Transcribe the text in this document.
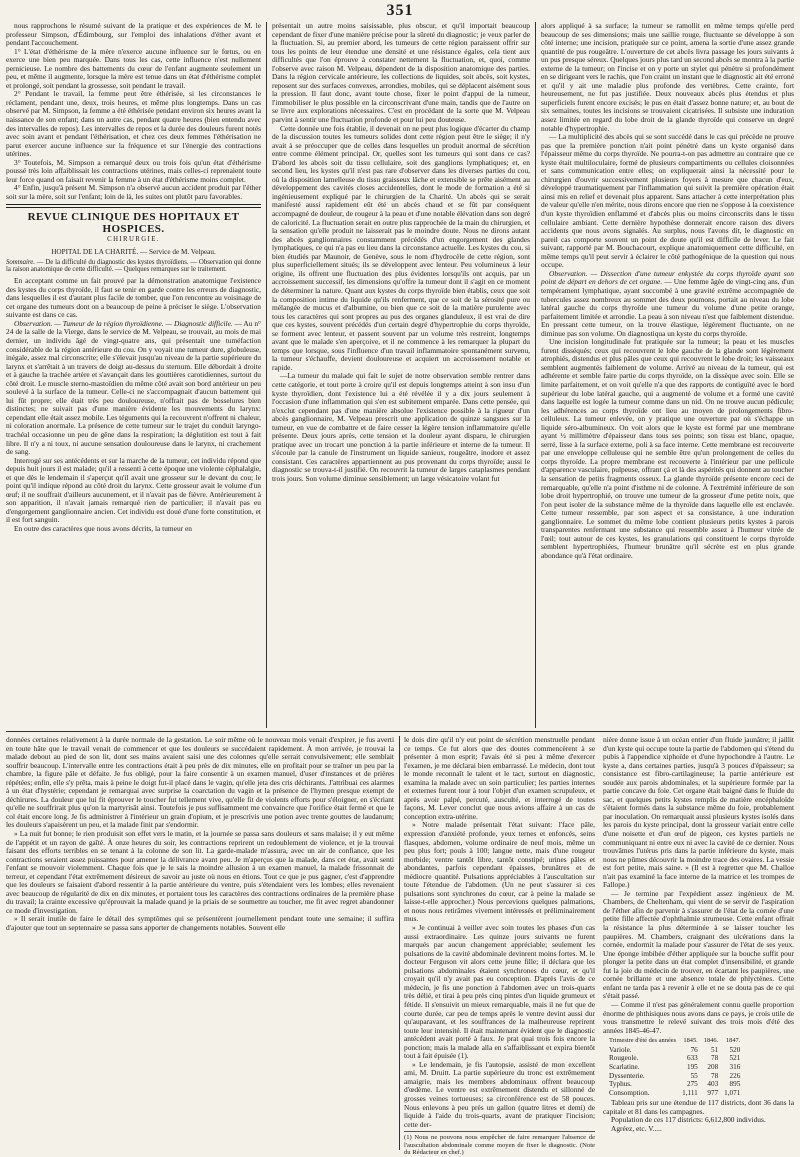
351

nous rapprochons le résumé suivant de la pratique et des expériences de M. le professeur Simpson, d'Édimbourg, sur l'emploi des inhalations d'éther avant et pendant l'accouchement.

1° L'état d'éthérisme de la mère n'exerce aucune influence sur le fœtus, ou en exerce une bien peu marquée. Dans tous les cas, cette influence n'est nullement pernicieuse. Le nombre des battements du cœur de l'enfant augmente seulement un peu, et même il augmente, lorsque la mère est tenue dans un état d'éthérisme complet et prolongé, soit pendant la grossesse, soit pendant le travail.

2° Pendant le travail, la femme peut être éthérisée, si les circonstances le réclament, pendant une, deux, trois heures, et même plus longtemps. Dans un cas observé par M. Simpson, la femme a été éthérisée pendant environ six heures avant la naissance de son enfant; dans un autre cas, pendant quatre heures (bien entendu avec des intervalles de repos). Les intervalles de repos et la durée des douleurs furent notés avec soin avant et pendant l'éthérisation, et chez ces deux femmes l'éthérisation ne parut exercer aucune influence sur la fréquence et sur l'énergie des contractions utérines.

3° Toutefois, M. Simpson a remarqué deux ou trois fois qu'un état d'éthérisme poussé très loin affaiblissait les contractions utérines, mais celles-ci reprenaient toute leur force quand on faisait revenir la femme à un état d'éthérisme moins complet.

4° Enfin, jusqu'à présent M. Simpson n'a observé aucun accident produit par l'éther soit sur la mère, soit sur l'enfant; loin de là, les suites ont plutôt paru favorables.

REVUE CLINIQUE DES HOPITAUX ET HOSPICES.
CHIRURGIE.
HOPITAL DE LA CHARITÉ. — Service de M. Velpeau.
Sommaire. — De la difficulté du diagnostic des kystes thyroïdiens. — Observation qui donne la raison anatomique de cette difficulté. — Quelques remarques sur le traitement.

En acceptant comme un fait prouvé par la démonstration anatomique l'existence des kystes du corps thyroïde, il faut se tenir en garde contre les erreurs de diagnostic, dans lesquelles il est d'autant plus facile de tomber, que l'on rencontre au voisinage de cet organe des tumeurs dont on a beaucoup de peine à préciser le siège. L'observation suivante est dans ce cas.

Observation. — Tumeur de la région thyroïdienne. — Diagnostic difficile. — Au n° 24 de la salle de la Vierge, dans le service de M. Velpeau, se trouvait, au mois de mai dernier, un individu âgé de vingt-quatre ans, qui présentait une tuméfaction considérable de la région antérieure du cou. On y voyait une tumeur dure, globuleuse, inégale, assez mal circonscrite; elle s'élevait jusqu'au niveau de la partie supérieure du larynx et s'arrêtait à un travers de doigt au-dessus du sternum. Elle débordait à droite et à gauche la trachée artère et s'avançait dans les gouttières carotidiennes, surtout du côté droit. Le muscle sterno-mastoïdien du même côté avait son bord antérieur un peu soulevé à la surface de la tumeur. Celle-ci ne s'accompagnait d'aucun battement qui lui fût propre; elle était très peu douloureuse, n'offrait pas de bosselures bien distinctes; ne suivait pas d'une manière évidente les mouvements du larynx: cependant elle était assez mobile. Les téguments qui la recouvrent n'offrent ni chaleur, ni coloration anormale. La présence de cette tumeur sur le trajet du conduit laryngo-trachéal occasionne un peu de gêne dans la respiration; la déglutition est tout à fait libre. Il n'y a ni toux, ni aucune sensation douloureuse dans le larynx, ni crachement de sang.

Interrogé sur ses antécédents et sur la marche de la tumeur, cet individu répond que depuis huit jours il est malade; qu'il a ressenti à cette époque une violente céphalalgie, et que dès le lendemain il s'aperçut qu'il avait une grosseur sur le devant du cou; le point qu'il indique répond au côté droit du larynx. Cette grosseur avait le volume d'un œuf; il ne souffrait d'ailleurs aucunement, et il n'avait pas de fièvre. Antérieurement à son apparition, il n'avait jamais remarqué rien de particulier; il n'avait pas eu d'engorgement ganglionnaire ancien. Cet individu est doué d'une forte constitution, et il est fort sanguin.

En outre des caractères que nous avons décrits, la tumeur en

présentait un autre moins saisissable, plus obscur, et qu'il importait beaucoup cependant de fixer d'une manière précise pour la sûreté du diagnostic; je veux parler de la fluctuation. Si, au premier abord, les tumeurs de cette région paraissent offrir sur tous les points de leur étendue une densité et une résistance égales, cela tient aux difficultés que l'on éprouve à constater nettement la fluctuation, et, quoi, comme l'observe avec raison M. Velpeau, dépendent de la disposition anatomique des parties. Dans la région cervicale antérieure, les collections de liquides, soit abcès, soit kystes, reposent sur des surfaces convexes, arrondies, mobiles, qui se déplacent aisément sous la pression. Il faut donc, avant toute chose, fixer le point d'appui de la tumeur, l'immobiliser le plus possible en la circonscrivant d'une main, tandis que de l'autre on se livre aux explorations nécessaires. C'est en procédant de la sorte que M. Velpeau parvint à sentir une fluctuation profonde et pour lui peu douteuse.

Cette donnée une fois établie, il devenait on ne peut plus logique d'écarter du champ de la discussion toutes les tumeurs solides dont cette région peut être le siège; il n'y avait à se préoccuper que de celles dans lesquelles un produit anormal de sécrétion entre comme élément principal. Or, quelles sont les tumeurs qui sont dans ce cas? D'abord les abcès soit du tissu cellulaire, soit des ganglions lymphatiques; et, en second lieu, les kystes qu'il n'est pas rare d'observer dans les diverses parties du cou, où la disposition lamelleuse du tissu graisseux lâche et extensible se prête aisément au développement des cavités closes accidentelles, dont le mode de formation a été si ingénieusement expliqué par le chirurgien de la Charité. Un abcès qui se serait manifesté aussi rapidement eût été un abcès chaud et se fût par conséquent accompagné de douleur, de rougeur à la peau et d'une notable élévation dans son degré de caloricité. La fluctuation serait en outre plus rapprochée de la main du chirurgien, et la sensation qu'elle produit ne laisserait pas le moindre doute. Nous ne dirons autant des abcès ganglionnaires constamment précédés d'un engorgement des glandes lymphatiques, ce qui n'a pas eu lieu dans la circonstance actuelle. Les kystes du cou, si bien étudiés par Maunoir, de Genève, sous le nom d'hydrocèle de cette région, sont plus superficiellement situés; ils se développent avec lenteur. Peu volumineux à leur origine, ils offrent une fluctuation des plus évidentes lorsqu'ils ont acquis, par un accroissement successif, les dimensions qu'offre la tumeur dont il s'agit en ce moment de déterminer la nature. Quant aux kystes du corps thyroïde bien établis, ceux que soit la composition intime du liquide qu'ils renferment, que ce soit de la sérosité pure ou mélangée de mucus et d'albumine, ou bien que ce soit de la matière purulente avec tous les caractères qui sont propres au pus des organes glanduleux, il est vrai de dire que ces kystes, souvent précédés d'un certain degré d'hypertrophie du corps thyroïde, se forment avec lenteur, et passent souvent par un volume très restreint, longtemps avant que le malade s'en aperçoive, et il ne commence à les remarquer la plupart du temps que lorsque, sous l'influence d'un travail inflammatoire spontanément survenu, la tumeur s'échauffe, devient douloureuse et acquiert un accroissement notable et rapide.

—La tumeur du malade qui fait le sujet de notre observation semble rentrer dans cette catégorie, et tout porte à croire qu'il est depuis longtemps atteint à son insu d'un kyste thyroïdien, dont l'existence lui a été révélée il y a dix jours seulement à l'occasion d'une inflammation qui s'en est subitement emparée. Dans cette pensée, qui n'exclut cependant pas d'une manière absolue l'existence possible à la rigueur d'un abcès ganglionnaire, M. Velpeau prescrit une application de quinze sangsues sur la tumeur, en vue de combattre et de faire cesser la légère tension inflammatoire qu'elle présente. Deux jours après, cette tension et la douleur ayant disparu, le chirurgien pratique avec un trocart une ponction à la partie inférieure et interne de la tumeur. Il s'écoule par la canule de l'instrument un liquide sanieux, rougeâtre, inodore et assez consistant. Ces caractères appartiennent au pus provenant du corps thyroïde; aussi le diagnostic se trouva-t-il justifié. On recouvrit la tumeur de larges cataplasmes pendant trois jours. Son volume diminue sensiblement; un large vésicatoire volant fut

alors appliqué à sa surface; la tumeur se ramollit en même temps qu'elle perd beaucoup de ses dimensions; mais une saillie rouge, fluctuante se développe à son côté interne; une incision, pratiquée sur ce point, amena la sortie d'une assez grande quantité de pus rougeâtre. L'ouverture de cet abcès livra passage les jours suivants à un pus presque séreux. Quelques jours plus tard un second abcès se montra à la partie externe de la tumeur; on l'incise et on y porte un stylet qui pénètre si profondément en se dirigeant vers le rachis, que l'on craint un instant que le diagnostic ait été erroné et qu'il y ait une maladie plus profonde des vertèbres. Cette crainte, fort heureusement, ne fut pas justifiée. Deux nouveaux abcès plus étendus et plus superficiels furent encore excisés; le pus en était d'assez bonne nature; et, au bout de six semaines, toutes les incisions se trouvaient cicatrisées. Il subsiste une induration assez limitée en regard du lobe droit de la glande thyroïde qui conserve un degré notable d'hypertrophie.

— La multiplicité des abcès qui se sont succédé dans le cas qui précède ne prouve pas que la première ponction n'ait point pénétré dans un kyste organisé dans l'épaisseur même du corps thyroïde. Ne pourra-t-on pas admettre au contraire que ce kyste était multiloculaire, formé de plusieurs compartiments ou cellules cloisonnées et sans communication entre elles; on expliquerait ainsi la nécessité pour le chirurgien d'ouvrir successivement plusieurs foyers à mesure que chacun d'eux, développé traumatiquement par l'inflammation qui suivit la première opération était ainsi mis en relief et devenait plus apparent. Sans attacher à cette interprétation plus de valeur qu'elle n'en mérite, nous dirons encore que rien ne s'oppose à la coexistence d'un kyste thyroïdien enflammé et d'abcès plus ou moins circonscrits dans le tissu cellulaire ambiant. Cette dernière hypothèse donnerait encore raison des divers accidents que nous avons signalés. Au surplus, nous l'avons dit, le diagnostic en pareil cas comporte souvent un point de doute qu'il est difficile de lever. Le fait suivant, rapporté par M. Bouchacourt, explique anatomiquement cette difficulté, en même temps qu'il peut servir à éclairer le côté pathogénique de la question qui nous occupe.

Observation. — Dissection d'une tumeur enkystée du corps thyroïde ayant son point de départ en dehors de cet organe. — Une femme âgée de vingt-cinq ans, d'un tempérament lymphatique, ayant succombé à une gravité extrême accompagnée de tubercules assez nombreux au sommet des deux poumons, portait au niveau du lobe latéral gauche du corps thyroïde une tumeur du volume d'une petite orange, parfaitement limitée et arrondie. La peau à son niveau n'est que faiblement distendue. En pressant cette tumeur, on la trouve élastique, légèrement fluctuante, on ne diminue pas son volume. On diagnostiqua un kyste du corps thyroïde.

Une incision longitudinale fut pratiquée sur la tumeur; la peau et les muscles furent disséqués; ceux qui recouvrent le lobe gauche de la glande sont légèrement atrophiés, distendus et plus pâles que ceux qui recouvrent le lobe droit; les vaisseaux semblent augmentés faiblement de volume. Arrivé au niveau de la tumeur, qui est adhérente et semble faire partie du corps thyroïde, on la dissèque avec soin. Elle se limite parfaitement, et on voit qu'elle n'a que des rapports de contiguïté avec le bord supérieur du lobe latéral gauche, qui a augmenté de volume et a formé une cavité dans laquelle est logée la tumeur comme dans un nid. On ne trouve aucun pédicule; les adhérences au corps thyroïde ont lieu au moyen de prolongements fibro-celluleux. La tumeur enlevée, on y pratique une ouverture par où s'échappe un liquide séro-albumineux. On voit alors que le kyste est formé par une membrane ayant ½ millimètre d'épaisseur dans tous ses points; son tissu est blanc, opaque, serré, lisse à la surface externe, poli à sa face interne. Cette membrane est recouverte par une enveloppe celluleuse qui ne semble être qu'un prolongement de celles du corps thyroïde. La propre membrane est recouverte à l'intérieur par une pellicule d'apparence vasculaire, pulpeuse, offrant çà et là des aspérités qui donnent au toucher la sensation de petits fragments osseux. La glande thyroïde présente encore ceci de remarquable, qu'elle n'a point d'isthme ni de colonne. À l'extrémité inférieure de son lobe droit hypertrophié, on trouve une tumeur de la grosseur d'une petite noix, que l'on peut isoler de la substance même de la thyroïde dans laquelle elle est enclavée. Cette tumeur ressemble, par son aspect et sa consistance, à une induration ganglionnaire. Le sommet du même lobe contient plusieurs petits kystes à parois transparentes renfermant une substance qui ressemble assez à l'humeur vitrée de l'œil; tout autour de ces kystes, les granulations qui constituent le corps thyroïde semblent hypertrophiées, l'humeur brunâtre qu'il sécrète est en plus grande abondance qu'à l'état ordinaire.

données certaines relativement à la durée normale de la gestation. Le soir même où le nouveau mois venait d'expirer, je fus averti en toute hâte que le travail venait de commencer et que les douleurs se succédaient rapidement. À mon arrivée, je trouvai la malade debout au pied de son lit, dont ses mains avaient saisi une des colonnes qu'elle serrait convulsivement; elle semblait souffrir beaucoup. L'intervalle entre les contractions était à peu près de dix minutes, elle en profitait pour se traîner un peu par la chambre, la figure pâle et défaite. Je fus obligé, pour la faire consentir à un examen manuel, d'user d'instances et de prières répétées; enfin, elle s'y prêta, mais à peine le doigt fut-il placé dans le vagin, qu'elle jeta des cris déchirants. J'attribuai ces alarmes à un état d'hystérie; cependant je remarquai avec surprise la coarctation du vagin et la présence de l'hymen presque exempt de déchirures. La douleur que lui fit éprouver le toucher fut tellement vive, qu'elle fit de violents efforts pour s'éloigner, en s'écriant qu'elle ne souffrirait plus qu'on la martyrisât ainsi. Toutefois je pus suffisamment me convaincre que l'orifice était fermé et que le col était encore long. Je fis administrer à l'intérieur un grain d'opium, et je prescrivis une potion avec trente gouttes de laudanum; les douleurs s'apaisèrent un peu, et la malade finit par s'endormir.

» La nuit fut bonne; le rien produisit son effet vers le matin, et la journée se passa sans douleurs et sans malaise; il y eut même de l'appétit et un rayon de gaîté. À onze heures du soir, les contractions reprirent un redoublement de violence, et je la trouvai faisant des efforts terribles en se tenant à la colonne de son lit. La garde-malade m'assura, avec un air de confiance, que les contractions seraient assez puissantes pour amener la délivrance avant peu. Je m'aperçus que la malade, dans cet état, avait senti l'enfant se mouvoir violemment. Chaque fois que je le sais la moindre allusion à un examen manuel, la malade frissonnait de terreur, et cependant l'état extrêmement désireux de savoir au juste où nous en étions. Tout ce que je pus gagner, c'est d'apprendre que les douleurs se faisaient d'abord ressentir à la partie antérieure du ventre, puis s'étendaient vers les lombes; elles revenaient avec beaucoup de régularité de dix en dix minutes, et portaient tous les caractères des contractions ordinaires de la première phase du travail; la crainte excessive qu'éprouvait la malade quand je la priais de se soumettre au toucher, me fit avec regret abandonner ce mode d'investigation.

» Il serait inutile de faire le détail des symptômes qui se présentèrent journellement pendant toute une semaine; il suffira d'ajouter que tout un septennaire se passa sans apporter de changements notables. Souvent elle

le dois dire qu'il n'y eut point de sécrétion menstruelle pendant ce temps. Ce fut alors que des doutes commencèrent à se présenter à mon esprit; l'avais été si peu à même d'exercer l'examen, je me déclarai bien embarrassé. Le médecin, dont tout le monde reconnaît le talent et le tact, surtout en diagnostic, examina la malade avec un soin particulier; les parties internes et externes furent tour à tour l'objet d'un examen scrupuleux, et après avoir palpé, percuté, ausculté, et interrogé de toutes façons, M. Lever conclut que nous avions affaire à un cas de conception extra-utérine.

» Notre malade présentait l'état suivant: l'face pâle, expression d'anxiété profonde, yeux ternes et enfoncés, seins flasques, abdomen, volume ordinaire de neuf mois, même un peu plus fort; pouls à 100; langue nette, mais d'une rougeur morbide; ventre tantôt libre, tantôt constipé; urines pâles et abondantes, parfois cependant épaisses, brunâtres et de médiocre quantité. Pulsations appréciables à l'auscultation sur toute l'étendue de l'abdomen. (Un ne peut s'assurer si ces pulsations sont synchrones du cœur, car à peine la malade se laisse-t-elle approcher.) Nous percevions quelques palmations, et nous nous retirâmes vivement intéressés et préliminairement mus.

» Je continuai à veiller avec soin toutes les phases d'un cas aussi extraordinaire. Les quinze jours suivants ne furent marqués par aucun changement appréciable; seulement les pulsations de la cavité abdominale devinrent moins fortes. M. le docteur Ferguson vit alors cette jeune fille; il déclara que les pulsations abdominales étaient synchrones du cœur, et qu'il croyait qu'il n'y avait pas eu conception. D'après l'avis de ce médecin, je fis une ponction à l'abdomen avec un trois-quarts très délié, et tirai à peu près cinq pintes d'un liquide grumeux et fétide. Il s'ensuivit un mieux remarquable, mais il ne fut que de courte durée, car peu de temps après le ventre devint aussi dur qu'auparavant, et les souffrances de la malheureuse reprirent toute leur intensité. Il était maintenant évident que le diagnostic antécédent avait porté à faux. Je prat quai trois fois encore la ponction; mais la malade alla en s'affaiblissant et expira bientôt tout à fait épuisée (1).

» Le lendemain, je fis l'autopsie, assisté de mon excellent ami, M. Druitt. La partie supérieure du tronc est extrêmement amaigrie, mais les membres abdominaux offrent beaucoup d'œdème. Le ventre est extrêmement distendu et sillonné de grosses veines tortueuses; sa circonférence est de 58 pouces. Nous enlevons à peu près un gallon (quatre litres et demi) de liquide à l'aide du trois-quarts, avant de pratiquer l'incision; cette der-

(1) Nous ne pouvons nous empêcher de faire remarquer l'absence de l'auscultation abdominale comme moyen de fixer le diagnostic. (Note du Rédacteur en chef.)

nière donne issue à un océan entier d'un fluide jaunâtre; il jaillit d'un kyste qui occupe toute la partie de l'abdomen qui s'étend du pubis à l'appendice xiphoïde et d'une hypochondre à l'autre. Le kyste a, dans certaines parties, jusqu'à 3 pouces d'épaisseur; sa consistance est fibro-cartilagineuse; la partie antérieure est soudée aux parois abdominales, et la supérieure formée par la partie concave du foie. Cet organe était baigné dans le fluide du sac, et quelques petits kystes remplis de matière encéphaloïde s'étaient formés dans la substance même du foie, probablement par inoculation. On remarquait aussi plusieurs kystes isolés dans les parois du kyste principal, dont la grosseur variait entre celle d'une noisette et d'un œuf de pigeon, ces kystes partiels ne communiquant ni entre eux ni avec la cavité de ce dernier. Nous trouvâmes l'utérus pris dans la partie inférieure du kyste, mais nous ne pûmes découvrir la moindre trace des ovaires. La vessie est fort petite, mais saine. » (Il est à regretter que M. Challoe n'ait pas examiné la face interne de la matrice et les trompes de Fallope.)

— Je termine par l'expédient assez ingénieux de M. Chambers, de Cheltenham, qui vient de se servir de l'aspiration de l'éther afin de parvenir à s'assurer de l'état de la cornée d'une petite fille affectée d'ophthalmie strumeuse. Cette enfant offrait la résistance la plus déterminée à se laisser toucher les paupières. M. Chambers, craignant des ulcérations dans la cornée, endormit la malade pour s'assurer de l'état de ses yeux. Une éponge imbibée d'éther appliquée sur la bouche suffit pour plonger la petite dans un état complet d'insensibilité, et grande fut la joie du médecin de trouver, en écartant les paupières, une cornée brillante et une absence totale de phlyctènes. Cette enfant ne tarda pas à revenir à elle et ne se douta pas de ce qui s'était passé.

— Comme il n'est pas généralement connu quelle proportion énorme de phthisiques nous avons dans ce pays, je crois utile de vous transmettre le relevé suivant des trois mois d'été des années 1845-46-47.

Trimestre d'été des années	1845.	1846.	1847.
Variole.	76	51	520
Rougeole.	633	78	521
Scarlatine.	195	208	316
Dyssenterie.	55	78	226
Typhus.	275	403	895
Consomption.	1,111	977	1,071

Tableau pris sur une étendue de 117 districts, dont 36 dans la capitale et 81 dans les campagnes.

Population de ces 117 districts: 6,612,800 individus.

Agréez, etc. V.....
